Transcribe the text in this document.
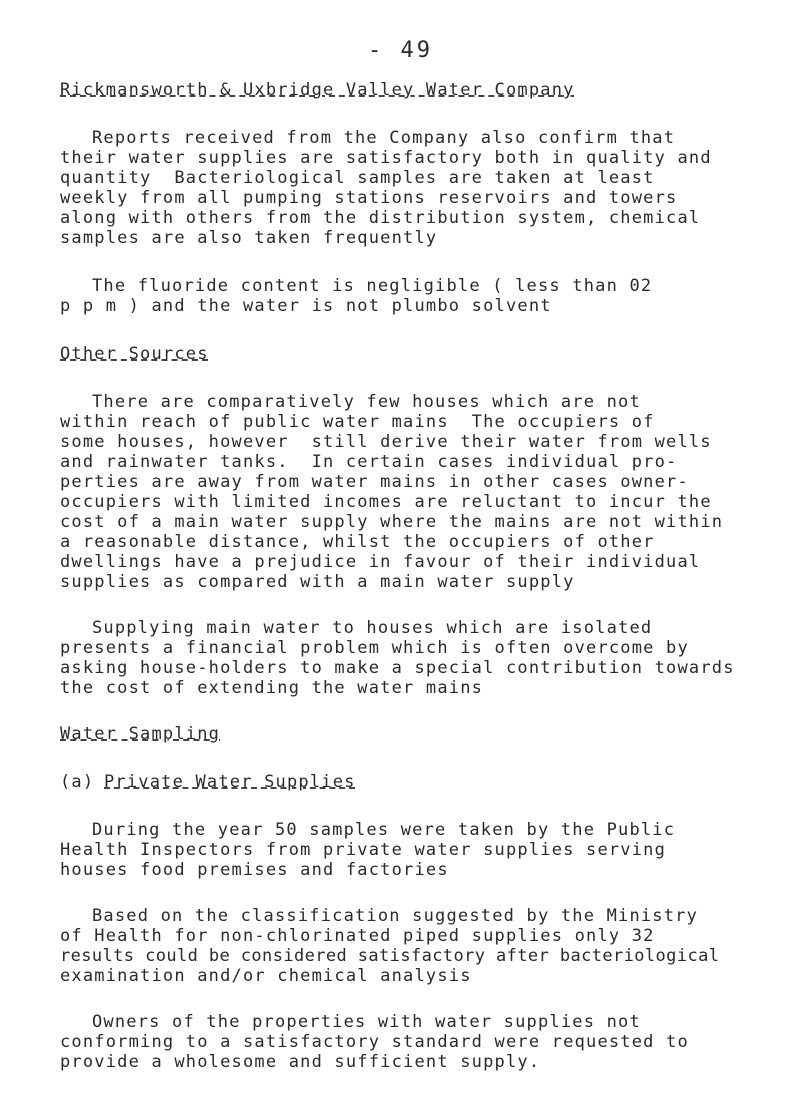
- 49
Rickmansworth & Uxbridge Valley Water Company
Reports received from the Company also confirm that
their water supplies are satisfactory both in quality and
quantity  Bacteriological samples are taken at least
weekly from all pumping stations reservoirs and towers
along with others from the distribution system, chemical
samples are also taken frequently
The fluoride content is negligible ( less than 02
p p m ) and the water is not plumbo solvent
Other Sources
There are comparatively few houses which are not
within reach of public water mains  The occupiers of
some houses, however  still derive their water from wells
and rainwater tanks.  In certain cases individual pro-
perties are away from water mains in other cases owner-
occupiers with limited incomes are reluctant to incur the
cost of a main water supply where the mains are not within
a reasonable distance, whilst the occupiers of other
dwellings have a prejudice in favour of their individual
supplies as compared with a main water supply
Supplying main water to houses which are isolated
presents a financial problem which is often overcome by
asking house-holders to make a special contribution towards
the cost of extending the water mains
Water Sampling
(a) Private Water Supplies
During the year 50 samples were taken by the Public
Health Inspectors from private water supplies serving
houses food premises and factories
Based on the classification suggested by the Ministry
of Health for non-chlorinated piped supplies only 32
results could be considered satisfactory after bacteriological
examination and/or chemical analysis
Owners of the properties with water supplies not
conforming to a satisfactory standard were requested to
provide a wholesome and sufficient supply.
